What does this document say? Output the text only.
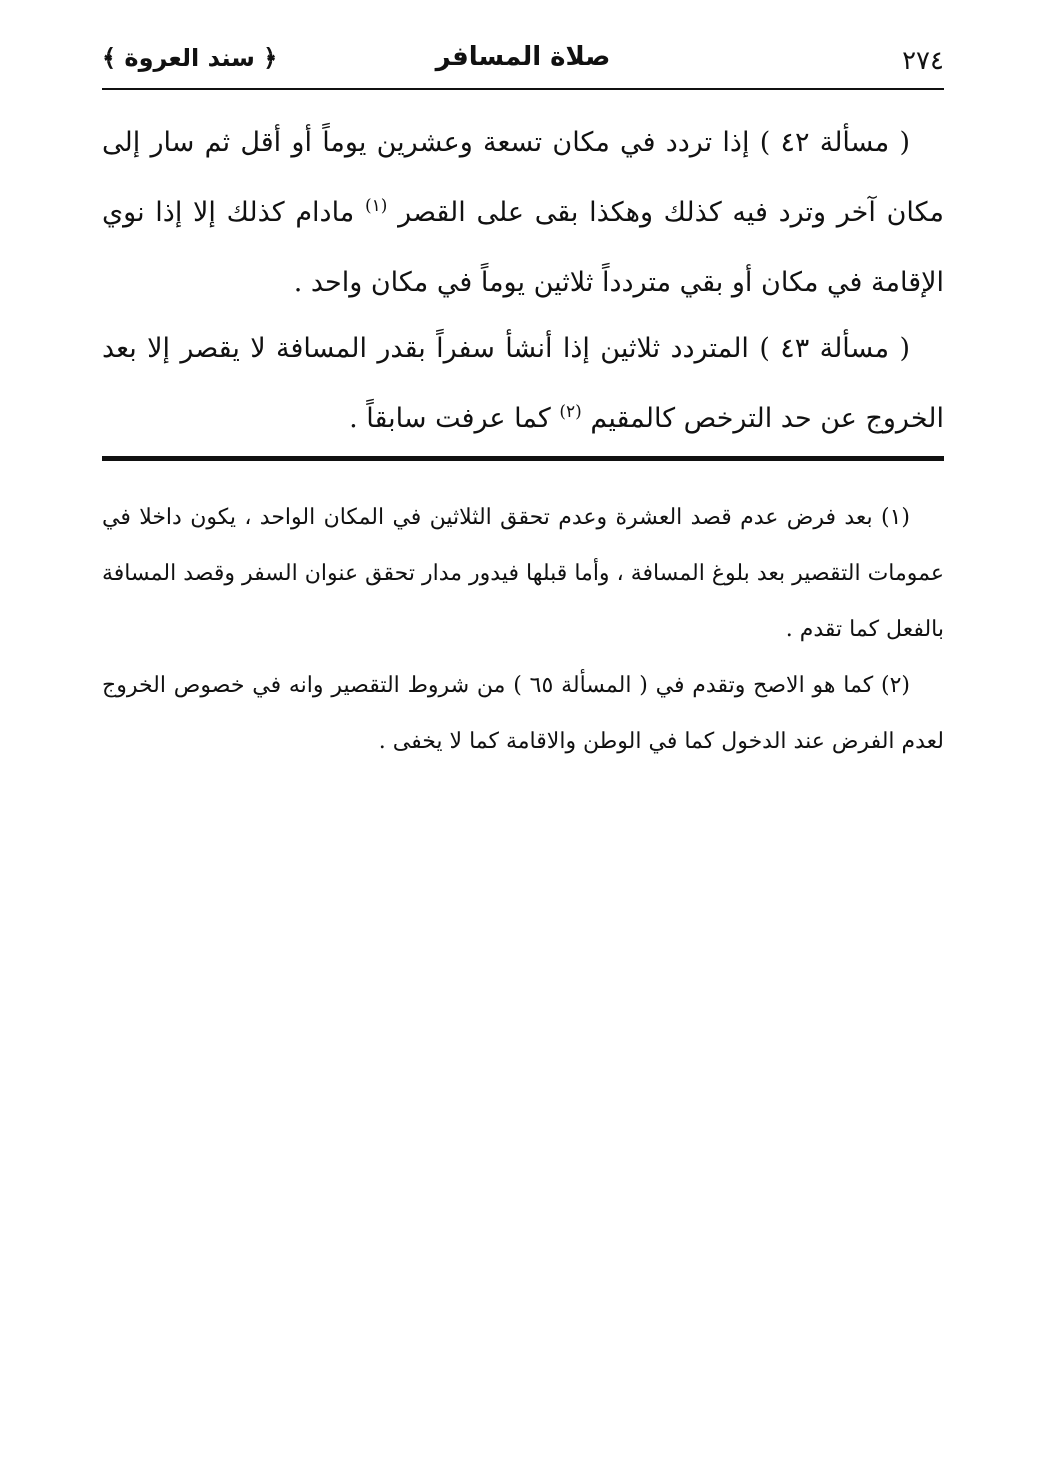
٢٧٤
صلاة المسافر
﴿ سند العروة ﴾

( مسألة ٤٢ ) إذا تردد في مكان تسعة وعشرين يوماً أو أقل ثم سار إلى مكان آخر وترد فيه كذلك وهكذا بقى على القصر $^{(١)}$ مادام كذلك إلا إذا نوي الإقامة في مكان أو بقي متردداً ثلاثين يوماً في مكان واحد .

( مسألة ٤٣ ) المتردد ثلاثين إذا أنشأ سفراً بقدر المسافة لا يقصر إلا بعد الخروج عن حد الترخص كالمقيم $^{(٢)}$ كما عرفت سابقاً .

(١) بعد فرض عدم قصد العشرة وعدم تحقق الثلاثين في المكان الواحد ، يكون داخلا في عمومات التقصير بعد بلوغ المسافة ، وأما قبلها فيدور مدار تحقق عنوان السفر وقصد المسافة بالفعل كما تقدم .

(٢) كما هو الاصح وتقدم في ( المسألة ٦٥ ) من شروط التقصير وانه في خصوص الخروج لعدم الفرض عند الدخول كما في الوطن والاقامة كما لا يخفى .
